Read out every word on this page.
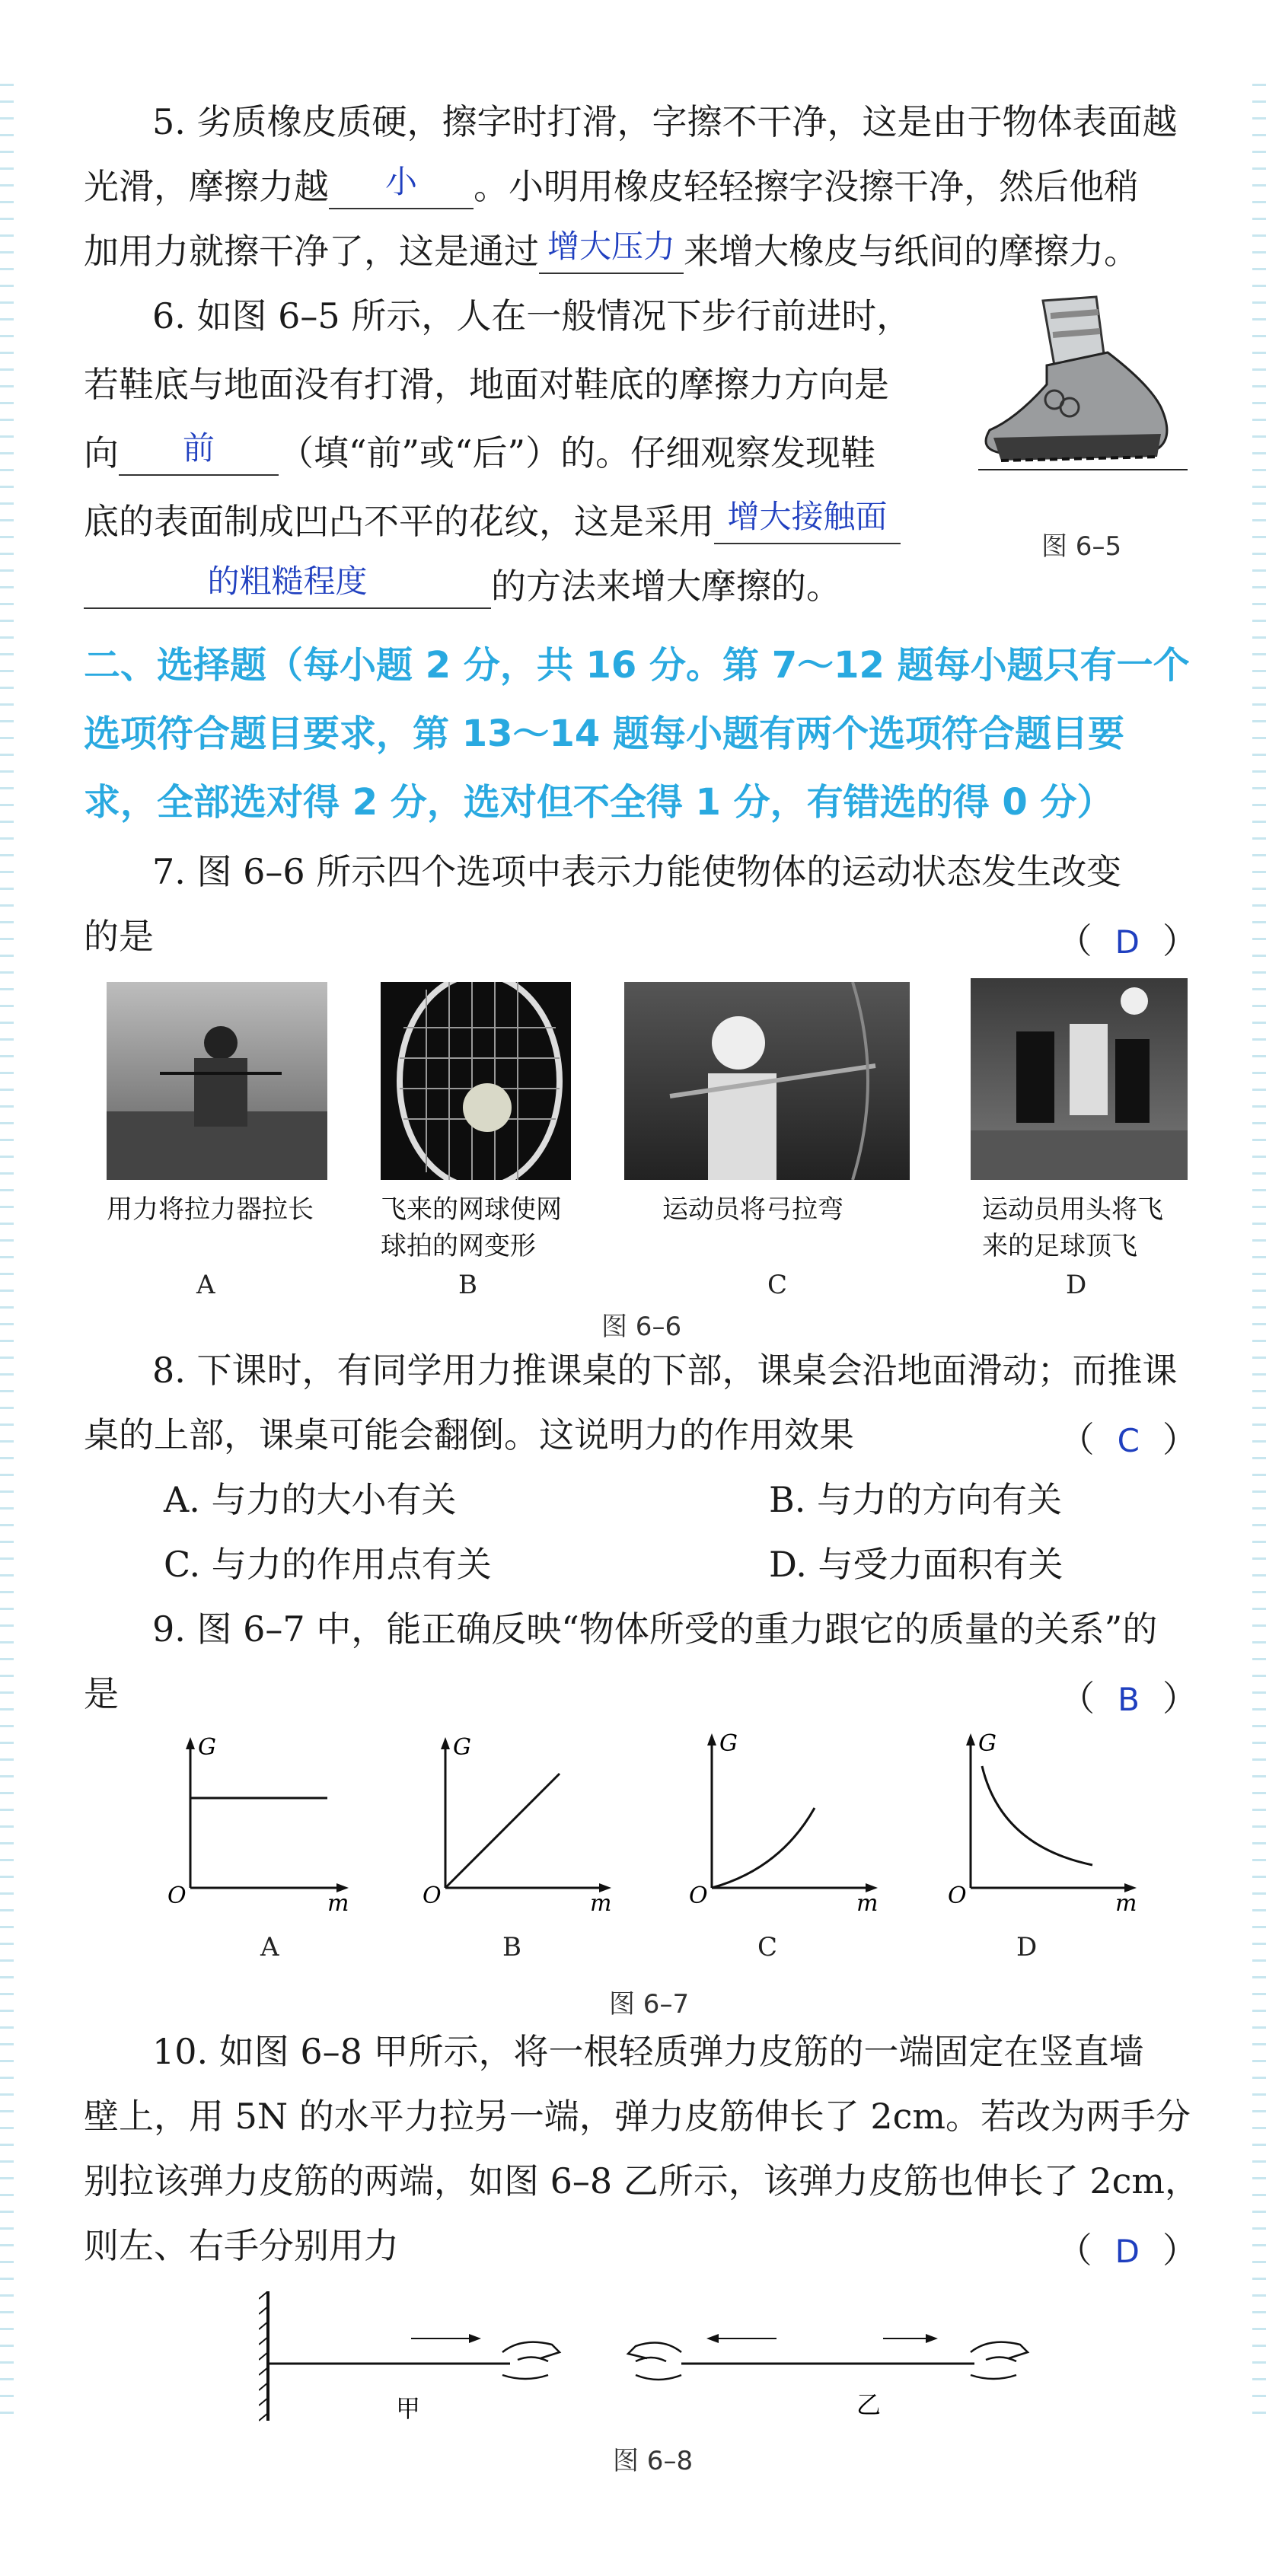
5. 劣质橡皮质硬，擦字时打滑，字擦不干净，这是由于物体表面越
光滑，摩擦力越 小 。小明用橡皮轻轻擦字没擦干净，然后他稍
加用力就擦干净了，这是通过 增大压力 来增大橡皮与纸间的摩擦力。
6. 如图 6–5 所示，人在一般情况下步行前进时，
若鞋底与地面没有打滑，地面对鞋底的摩擦力方向是
向 前 （填“前”或“后”）的。仔细观察发现鞋
底的表面制成凹凸不平的花纹，这是采用 增大接触面
的粗糙程度	的方法来增大摩擦的。
图 6–5
二、选择题（每小题 2 分，共 16 分。第 7～12 题每小题只有一个
选项符合题目要求，第 13～14 题每小题有两个选项符合题目要
求，全部选对得 2 分，选对但不全得 1 分，有错选的得 0 分）
7. 图 6–6 所示四个选项中表示力能使物体的运动状态发生改变
的是	（ D ）
用力将拉力器拉长	飞来的网球使网
球拍的网变形
运动员将弓拉弯	运动员用头将飞
来的足球顶飞
A	B	C	D
图 6–6
8. 下课时，有同学用力推课桌的下部，课桌会沿地面滑动；而推课
桌的上部，课桌可能会翻倒。这说明力的作用效果	（ C ）
A. 与力的大小有关	B. 与力的方向有关
C. 与力的作用点有关	D. 与受力面积有关
9. 图 6–7 中，能正确反映“物体所受的重力跟它的质量的关系”的
是	（ B ）
G
O	m
G
O	m
G
O	m
G
O	m
A	B	C	D
图 6–7
10. 如图 6–8 甲所示，将一根轻质弹力皮筋的一端固定在竖直墙
壁上，用 5N 的水平力拉另一端，弹力皮筋伸长了 2cm。若改为两手分
别拉该弹力皮筋的两端，如图 6–8 乙所示，该弹力皮筋也伸长了 2cm，
则左、右手分别用力	（ D ）
甲	乙
图 6–8
